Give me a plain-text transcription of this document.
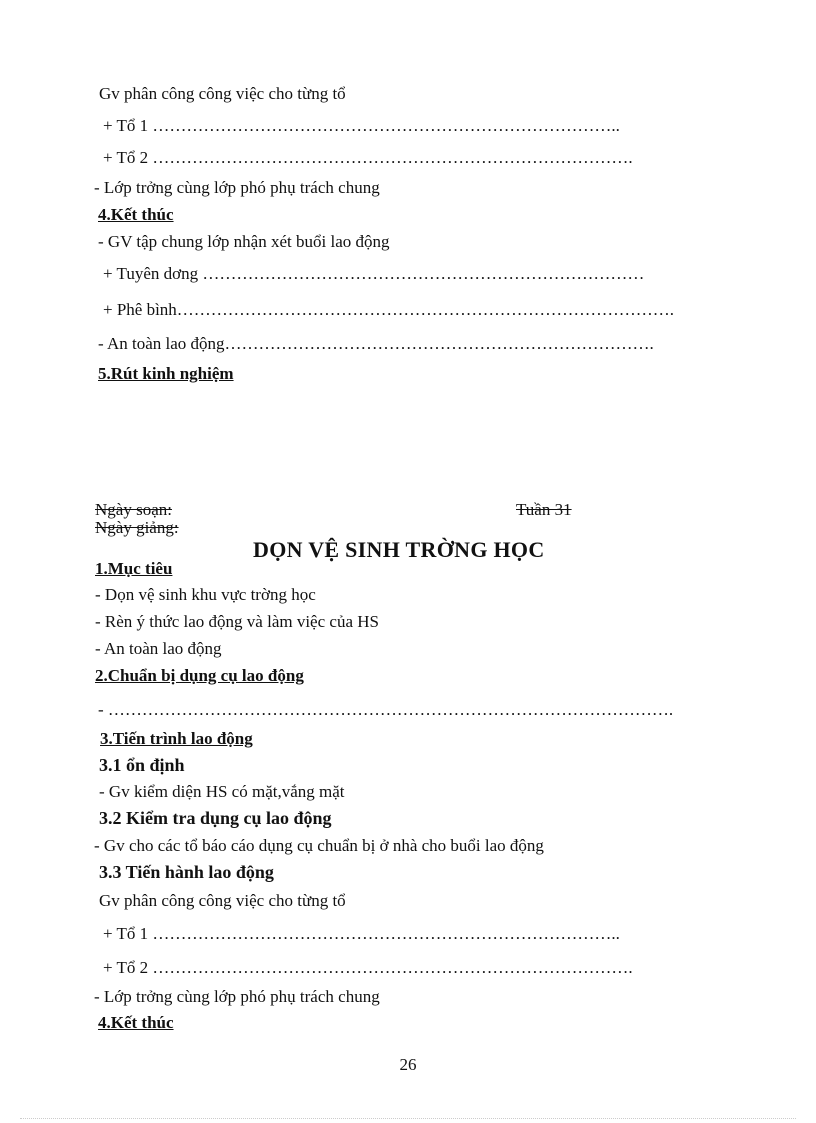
Gv phân công công việc cho từng tổ
+ Tổ 1 ………………………………………………………………………..
+ Tổ 2 ………………………………………………………………………….
- Lớp trởng cùng lớp phó phụ trách chung
4.Kết thúc
- GV tập chung lớp nhận xét buổi lao động
+ Tuyên dơng ……………………………………………………………………
+ Phê bình…………………………………………………………………………….
- An toàn lao động………………………………………………………………….
5.Rút kinh nghiệm
Ngày soạn:	Tuần 31
Ngày giảng:
DỌN VỆ SINH TRỜNG HỌC
1.Mục tiêu
- Dọn vệ sinh khu vực trờng học
- Rèn ý thức lao động và làm việc của HS
- An toàn lao động
2.Chuẩn bị dụng cụ lao động
- ……………………………………………………………………………………….
3.Tiến trình lao động
3.1 ổn định
- Gv kiểm diện HS có mặt,vắng mặt
3.2 Kiểm tra dụng cụ lao động
- Gv cho các tổ báo cáo dụng cụ chuẩn bị ở nhà cho buổi lao động
3.3 Tiến hành lao động
Gv phân công công việc cho từng tổ
+ Tổ 1 ………………………………………………………………………..
+ Tổ 2 ………………………………………………………………………….
- Lớp trởng cùng lớp phó phụ trách chung
4.Kết thúc
26
